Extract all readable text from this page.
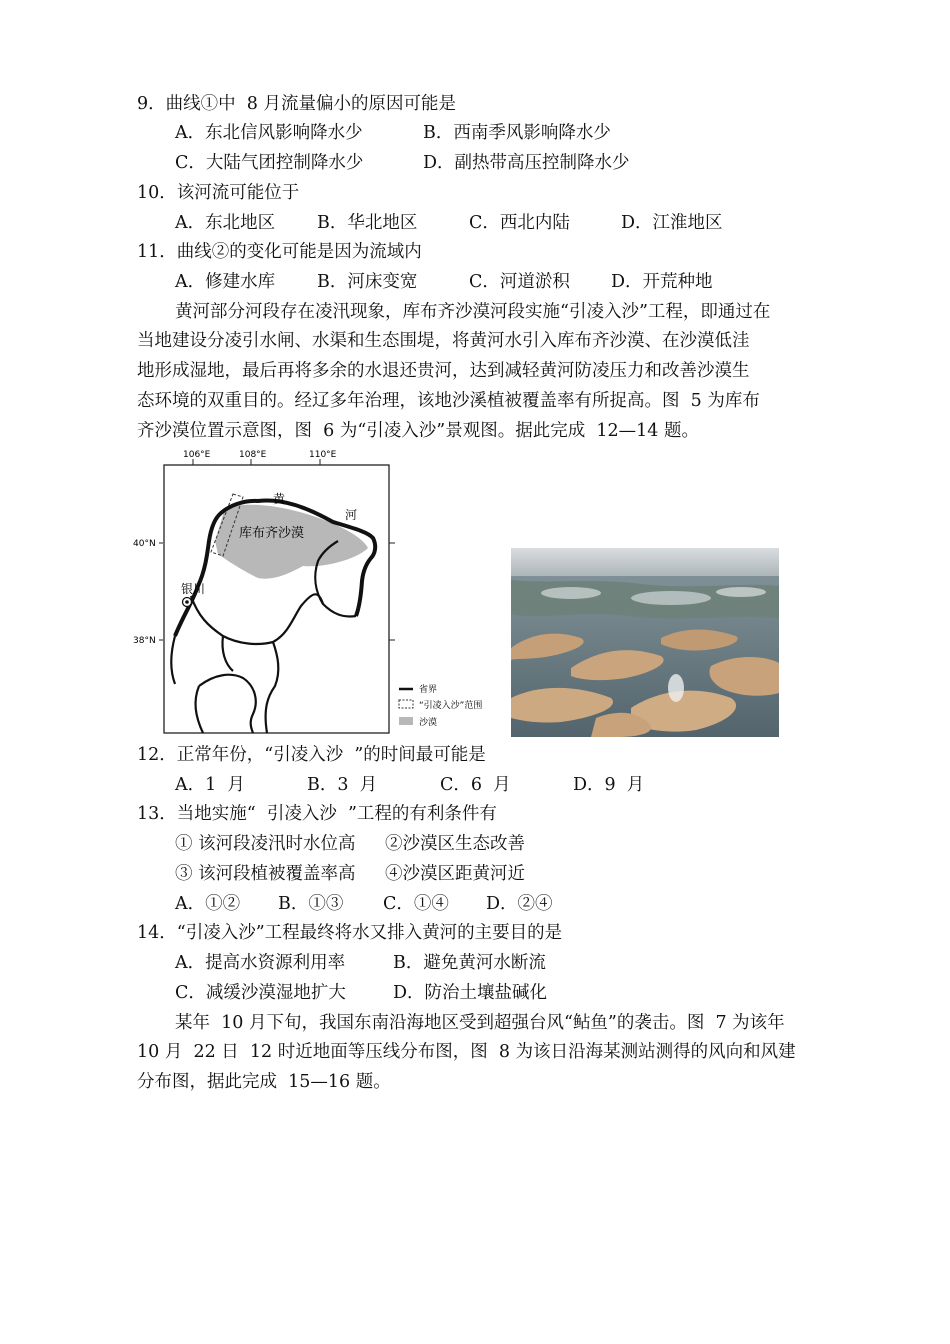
9．曲线①中  8 月流量偏小的原因可能是
A．东北信风影响降水少	B．西南季风影响降水少
C．大陆气团控制降水少	D．副热带高压控制降水少
10．该河流可能位于
A．东北地区 B．华北地区	C．西北内陆	D．江淮地区
11．曲线②的变化可能是因为流域内
A．修建水库 B．河床变宽	C．河道淤积 D．开荒种地
黄河部分河段存在凌汛现象，库布齐沙漠河段实施“引凌入沙”工程，即通过在
当地建设分凌引水闸、水渠和生态围堤，将黄河水引入库布齐沙漠、在沙漠低洼
地形成湿地，最后再将多余的水退还贵河，达到减轻黄河防凌压力和改善沙漠生
态环境的双重目的。经辽多年治理，该地沙溪植被覆盖率有所捉高。图  5 为库布
齐沙漠位置示意图，图  6 为“引凌入沙”景观图。据此完成  12—14 题。
106°E	108°E	110°E
40°N
38°N
黄
河
库布齐沙漠
银川
省界
“引凌入沙”范围
沙漠
12．正常年份，“引凌入沙  ”的时间最可能是
A．1  月	B．3  月	C．6  月	D．9  月
13．当地实施“  引凌入沙  ”工程的有利条件有
① 该河段凌汛时水位高 ②沙漠区生态改善
③ 该河段植被覆盖率高 ④沙漠区距黄河近
A．①② B．①③ C．①④ D．②④
14．“引凌入沙”工程最终将水又排入黄河的主要目的是
A．提高水资源利用率	B．避免黄河水断流
C．减缓沙漠湿地扩大	D．防治土壤盐碱化
某年  10 月下旬，我国东南沿海地区受到超强台风“鲇鱼”的袭击。图  7 为该年
10 月  22 日  12 时近地面等压线分布图，图  8 为该日沿海某测站测得的风向和风建
分布图，据此完成  15—16 题。
